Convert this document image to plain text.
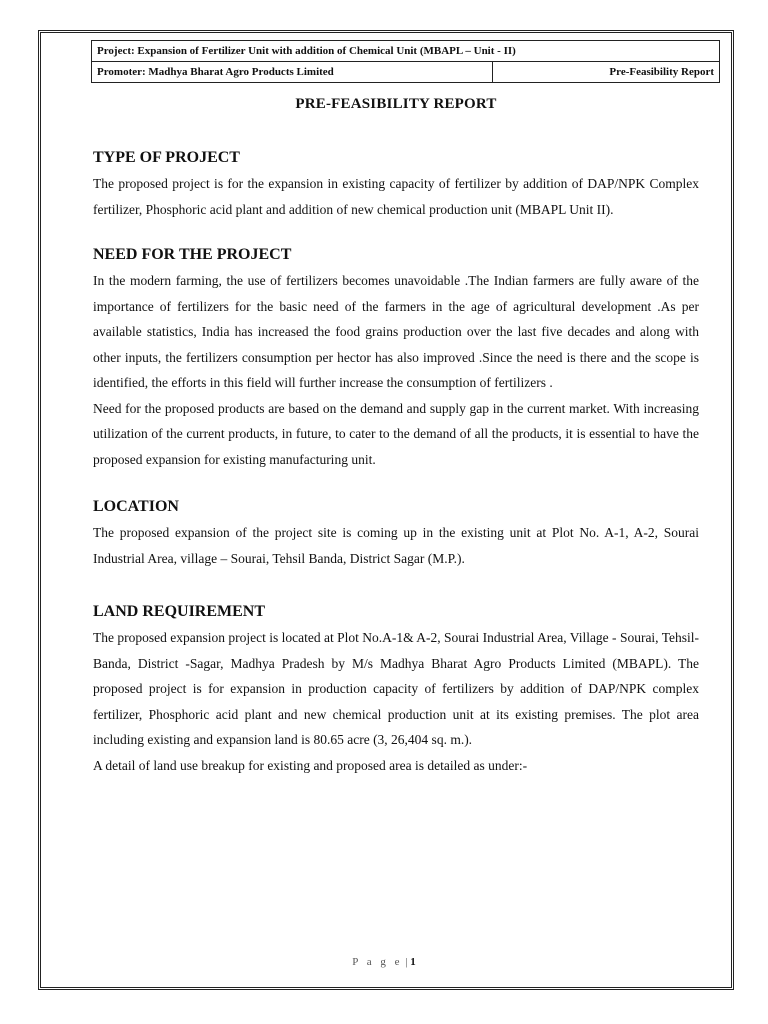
Project: Expansion of Fertilizer Unit with addition of Chemical Unit (MBAPL – Unit - II)
Promoter: Madhya Bharat Agro Products Limited	Pre-Feasibility Report
PRE-FEASIBILITY REPORT
TYPE OF PROJECT

The proposed project is for the expansion in existing capacity of fertilizer by addition of DAP/NPK Complex fertilizer, Phosphoric acid plant and addition of new chemical production unit (MBAPL Unit II).

NEED FOR THE PROJECT

In the modern farming, the use of fertilizers becomes unavoidable .The Indian farmers are fully aware of the importance of fertilizers for the basic need of the farmers in the age of agricultural development .As per available statistics, India has increased the food grains production over the last five decades and along with other inputs, the fertilizers consumption per hector has also improved .Since the need is there and the scope is identified, the efforts in this field will further increase the consumption of fertilizers .

Need for the proposed products are based on the demand and supply gap in the current market. With increasing utilization of the current products, in future, to cater to the demand of all the products, it is essential to have the proposed expansion for existing manufacturing unit.

LOCATION

The proposed expansion of the project site is coming up in the existing unit at Plot No. A-1, A-2, Sourai Industrial Area, village – Sourai, Tehsil Banda, District Sagar (M.P.).

LAND REQUIREMENT

The proposed expansion project is located at Plot No.A-1& A-2, Sourai Industrial Area, Village - Sourai, Tehsil- Banda, District -Sagar, Madhya Pradesh by M/s Madhya Bharat Agro Products Limited (MBAPL). The proposed project is for expansion in production capacity of fertilizers by addition of DAP/NPK complex fertilizer, Phosphoric acid plant and new chemical production unit at its existing premises. The plot area including existing and expansion land is 80.65 acre (3, 26,404 sq. m.).

A detail of land use breakup for existing and proposed area is detailed as under:-

P a g e | 1
